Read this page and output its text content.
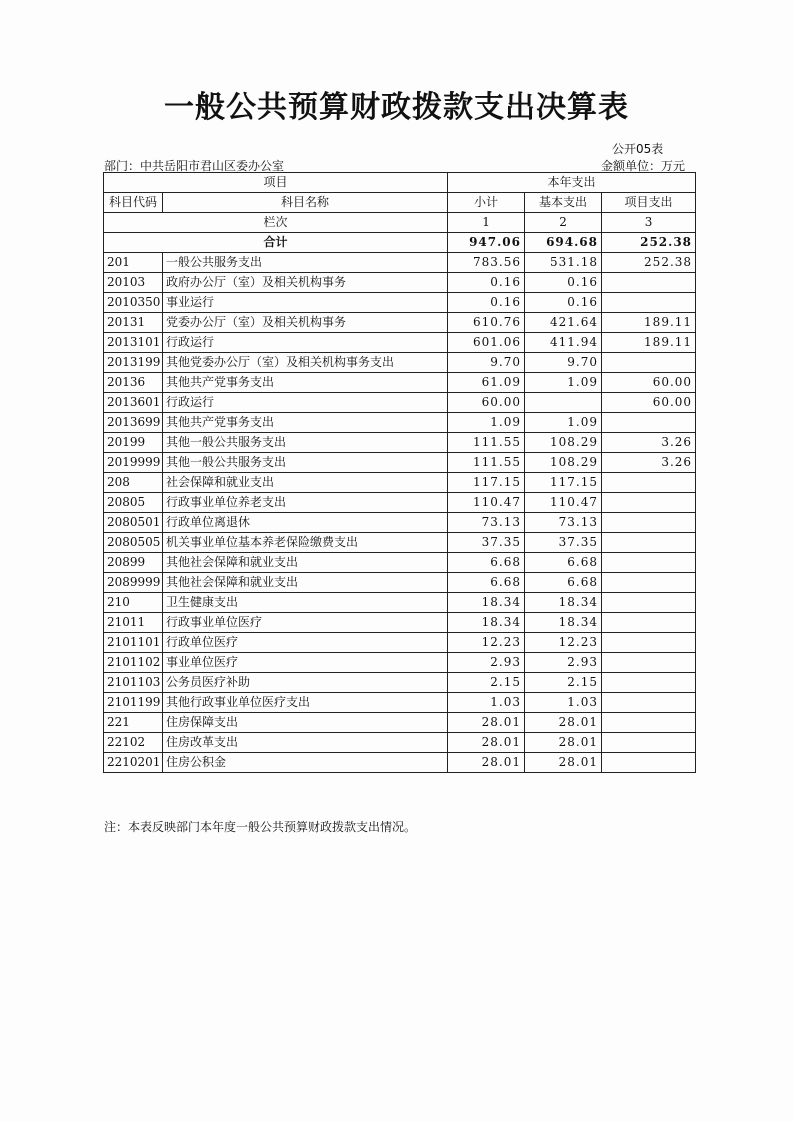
一般公共预算财政拨款支出决算表
公开05表
部门：中共岳阳市君山区委办公室	金额单位：万元
项目		本年支出		
科目代码	科目名称	小计	基本支出	项目支出
栏次		1	2	3
合计		947.06	694.68	252.38
201	一般公共服务支出	783.56	531.18	252.38
20103	政府办公厅（室）及相关机构事务	0.16	0.16	
2010350	事业运行	0.16	0.16	
20131	党委办公厅（室）及相关机构事务	610.76	421.64	189.11
2013101	行政运行	601.06	411.94	189.11
2013199	其他党委办公厅（室）及相关机构事务支出	9.70	9.70	
20136	其他共产党事务支出	61.09	1.09	60.00
2013601	行政运行	60.00		60.00
2013699	其他共产党事务支出	1.09	1.09	
20199	其他一般公共服务支出	111.55	108.29	3.26
2019999	其他一般公共服务支出	111.55	108.29	3.26
208	社会保障和就业支出	117.15	117.15	
20805	行政事业单位养老支出	110.47	110.47	
2080501	行政单位离退休	73.13	73.13	
2080505	机关事业单位基本养老保险缴费支出	37.35	37.35	
20899	其他社会保障和就业支出	6.68	6.68	
2089999	其他社会保障和就业支出	6.68	6.68	
210	卫生健康支出	18.34	18.34	
21011	行政事业单位医疗	18.34	18.34	
2101101	行政单位医疗	12.23	12.23	
2101102	事业单位医疗	2.93	2.93	
2101103	公务员医疗补助	2.15	2.15	
2101199	其他行政事业单位医疗支出	1.03	1.03	
221	住房保障支出	28.01	28.01	
22102	住房改革支出	28.01	28.01	
2210201	住房公积金	28.01	28.01	
注：本表反映部门本年度一般公共预算财政拨款支出情况。
